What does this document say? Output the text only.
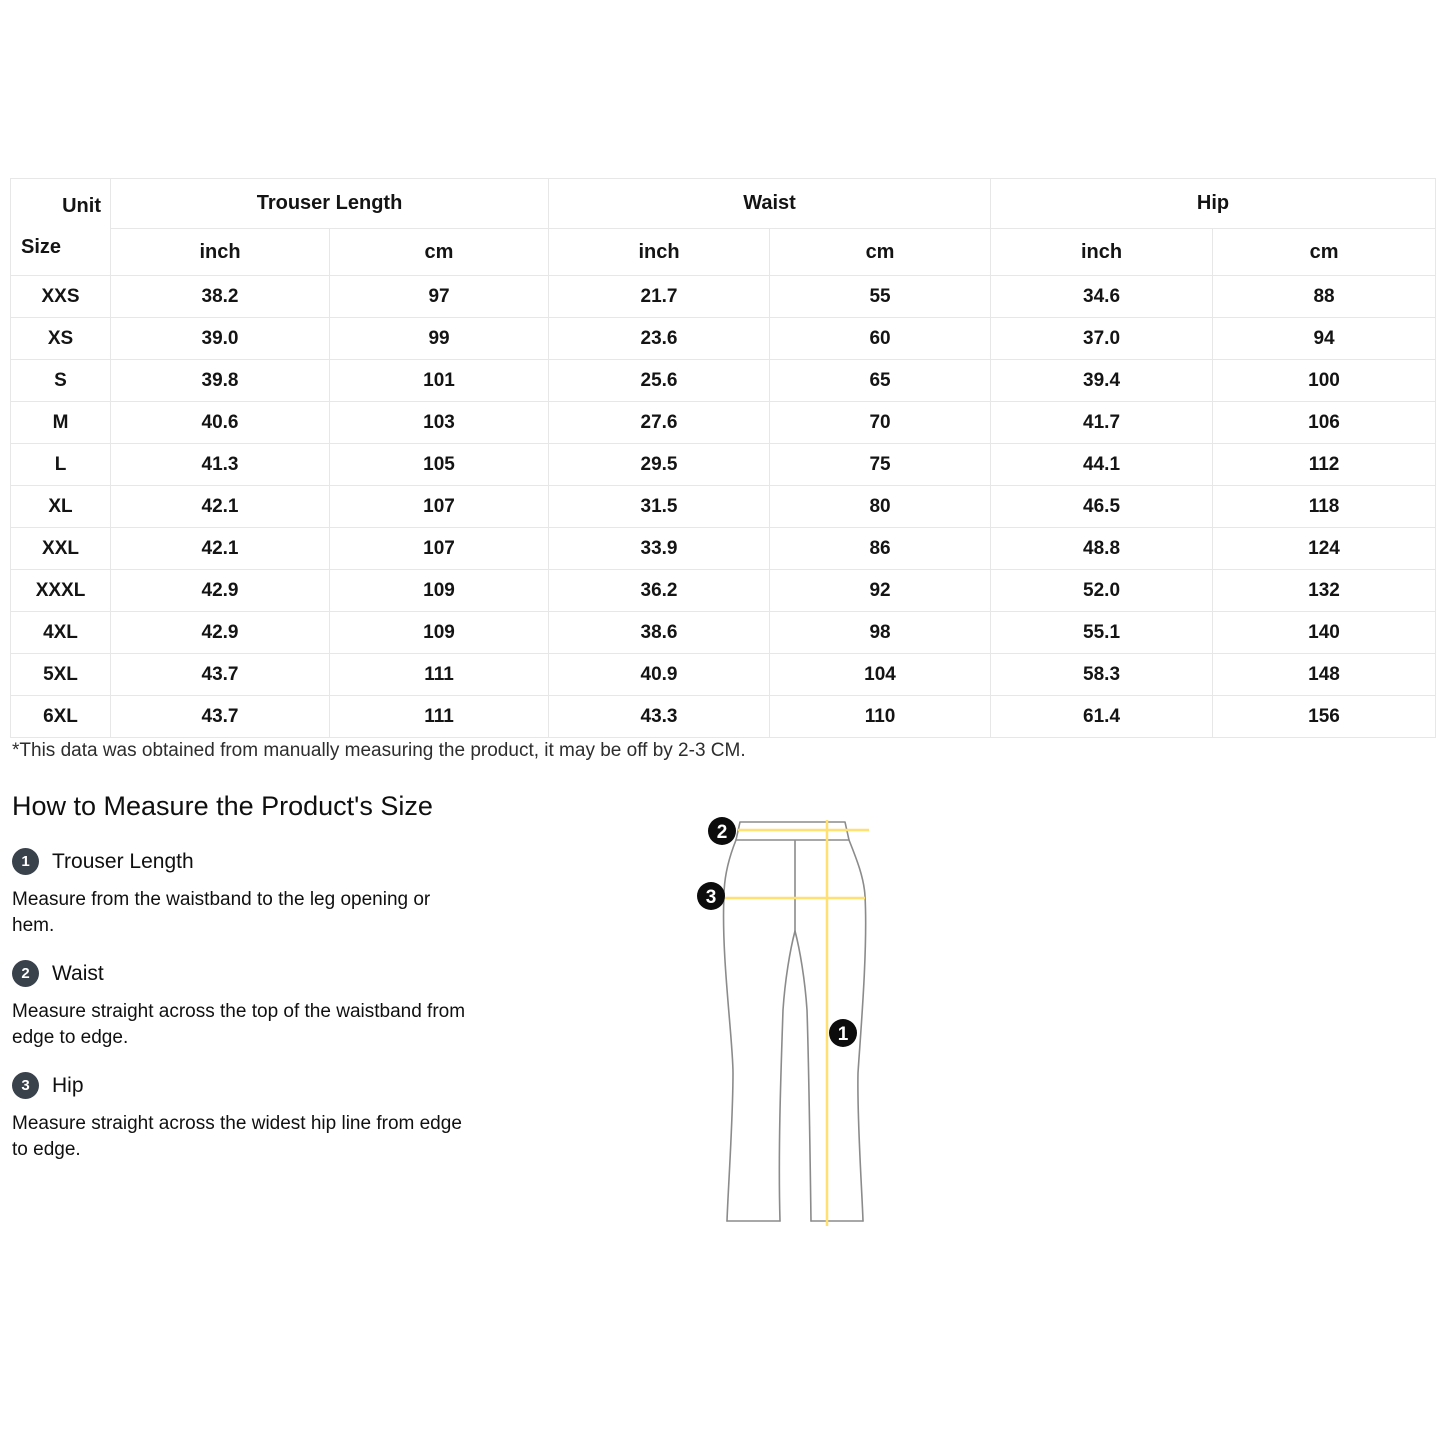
Unit
Size	Trouser Length		Waist		Hip	
	inch	cm	inch	cm	inch	cm
XXS	38.2	97	21.7	55	34.6	88
XS	39.0	99	23.6	60	37.0	94
S	39.8	101	25.6	65	39.4	100
M	40.6	103	27.6	70	41.7	106
L	41.3	105	29.5	75	44.1	112
XL	42.1	107	31.5	80	46.5	118
XXL	42.1	107	33.9	86	48.8	124
XXXL	42.9	109	36.2	92	52.0	132
4XL	42.9	109	38.6	98	55.1	140
5XL	43.7	111	40.9	104	58.3	148
6XL	43.7	111	43.3	110	61.4	156
*This data was obtained from manually measuring the product, it may be off by 2-3 CM.
How to Measure the Product's Size
1	Trouser Length

Measure from the waistband to the leg opening or hem.

2	Waist

Measure straight across the top of the waistband from edge to edge.

3	Hip

Measure straight across the widest hip line from edge to edge.

2
3
1
